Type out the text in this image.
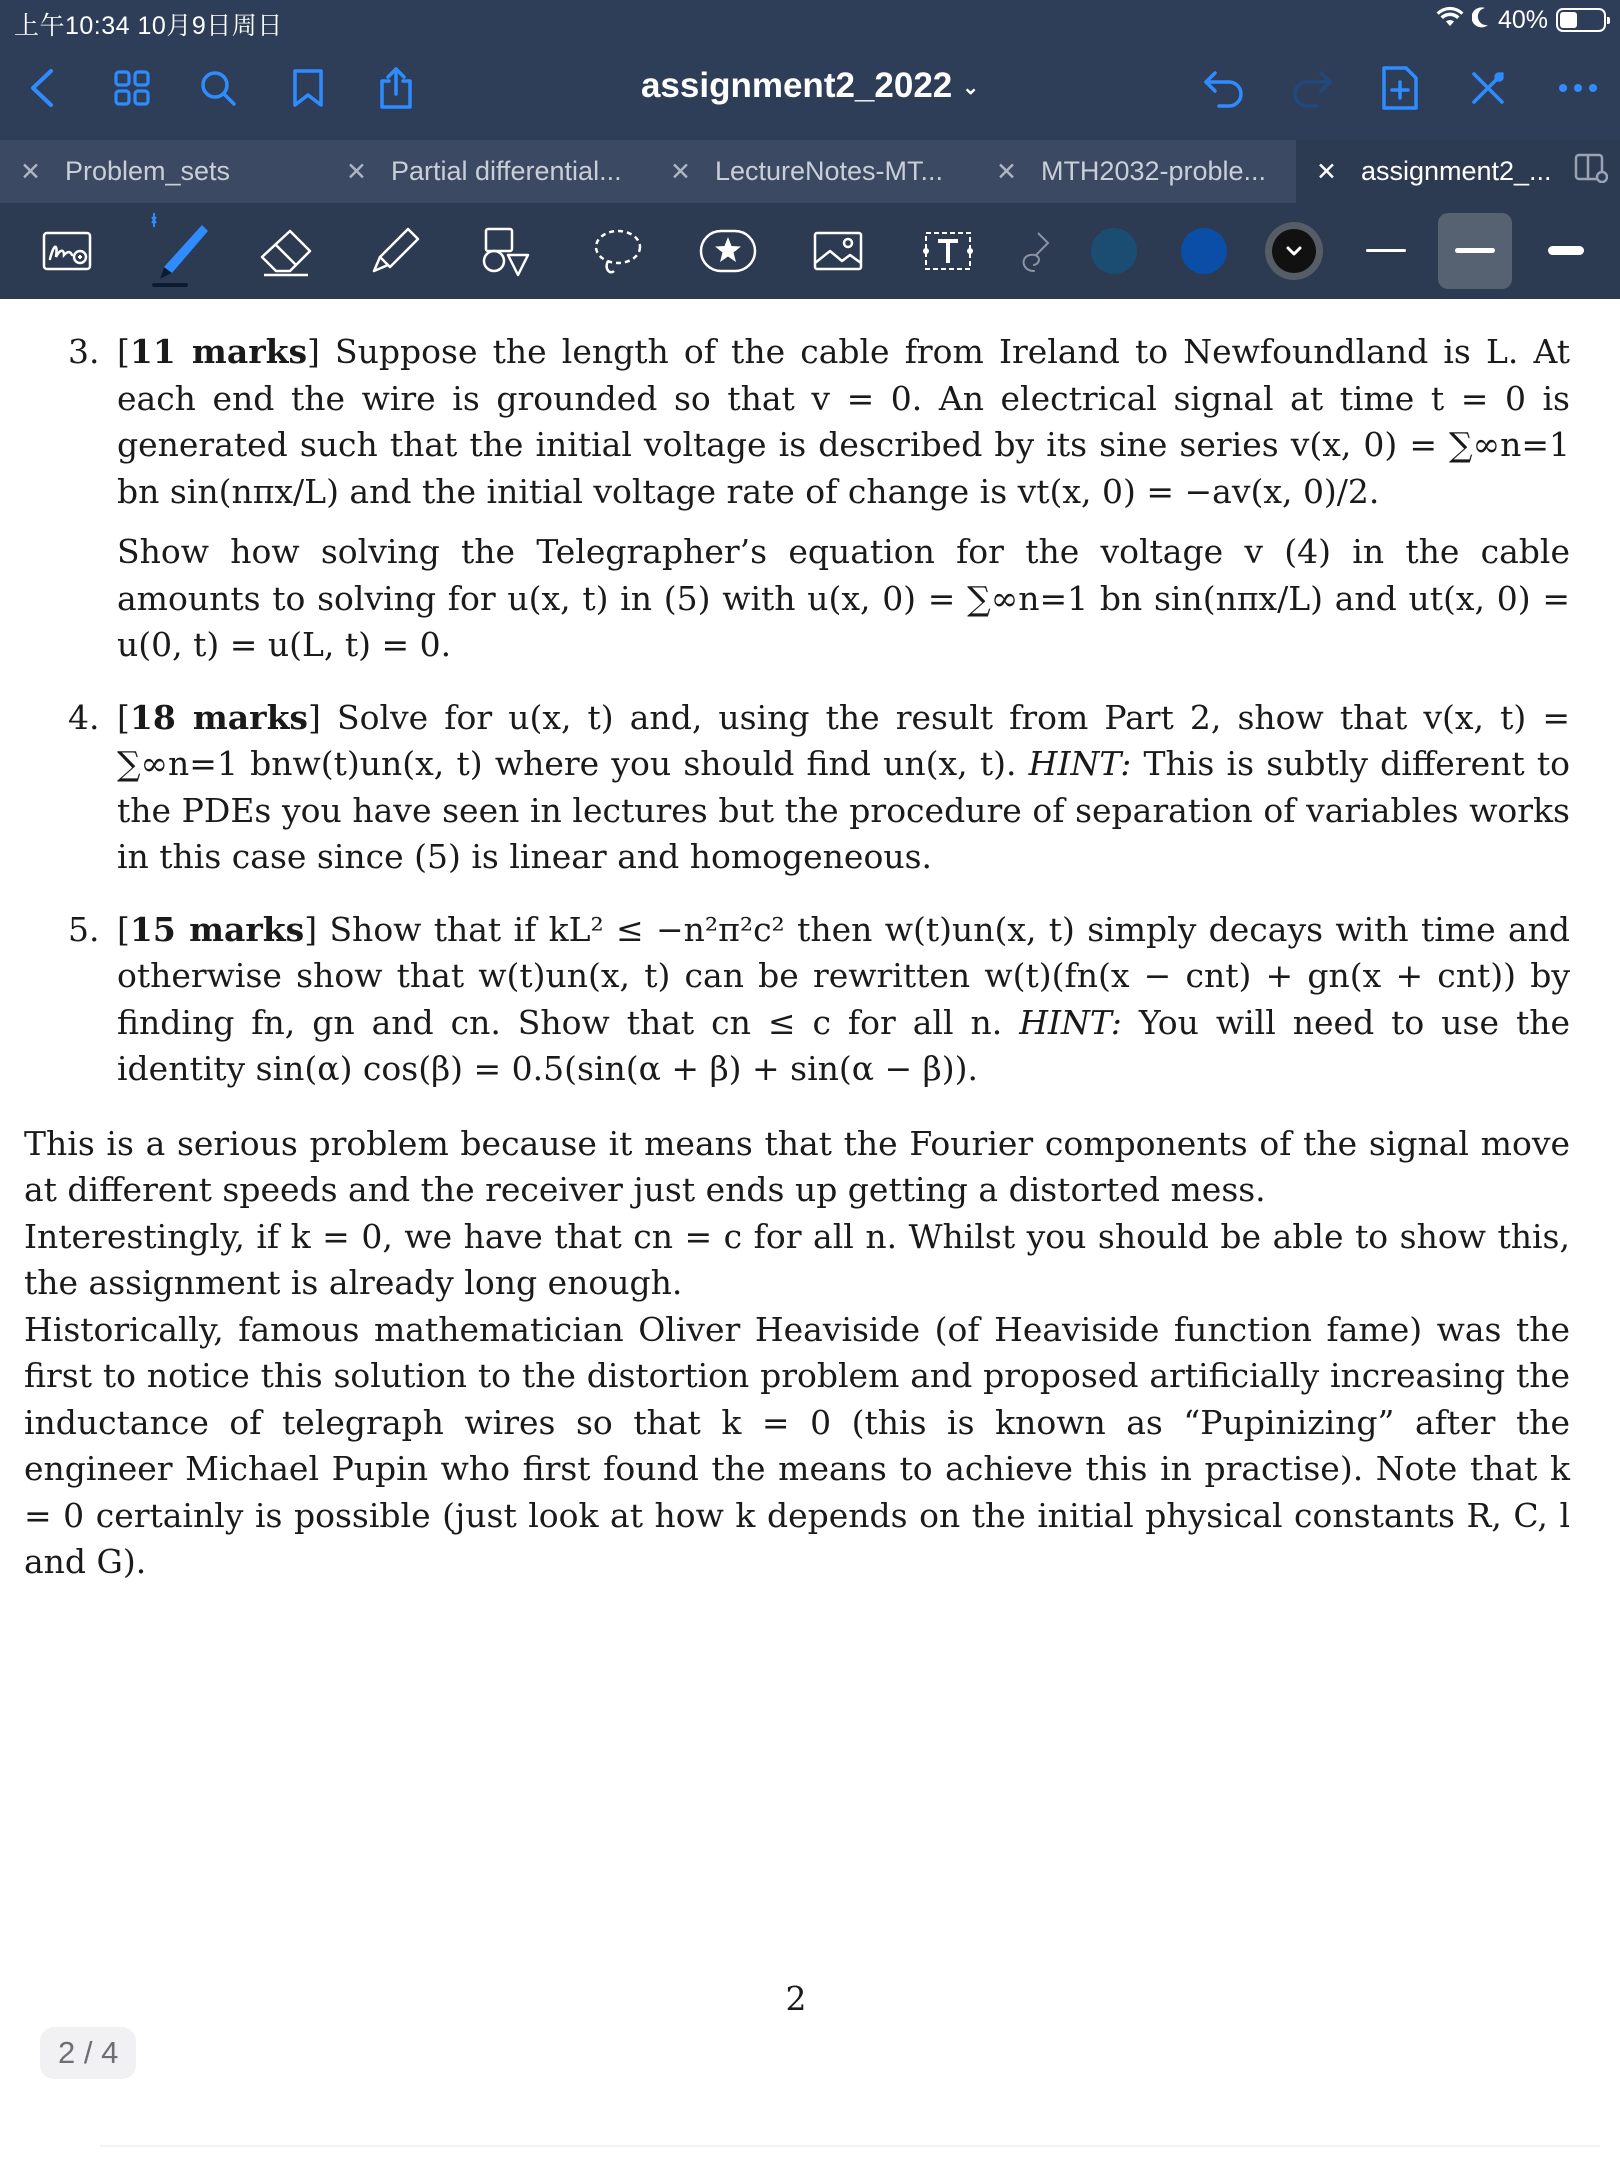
上午10:34 10月9日周日	40%
assignment2_2022 ⌄
✕ Problem_sets	✕ Partial differential... ✕ LectureNotes-MT... ✕ MTH2032-proble... ✕ assignment2_...
3. [11 marks] Suppose the length of the cable from Ireland to Newfoundland is L. At each end the wire is grounded so that v = 0. An electrical signal at time t = 0 is generated such that the initial voltage is described by its sine series v(x, 0) = ∑∞n=1 bn sin(nπx/L) and the initial voltage rate of change is vt(x, 0) = −av(x, 0)/2.

Show how solving the Telegrapher’s equation for the voltage v (4) in the cable amounts to solving for u(x, t) in (5) with u(x, 0) = ∑∞n=1 bn sin(nπx/L) and ut(x, 0) = u(0, t) = u(L, t) = 0.

4. [18 marks] Solve for u(x, t) and, using the result from Part 2, show that v(x, t) = ∑∞n=1 bnw(t)un(x, t) where you should find un(x, t). HINT: This is subtly different to the PDEs you have seen in lectures but the procedure of separation of variables works in this case since (5) is linear and homogeneous.

5. [15 marks] Show that if kL² ≤ −n²π²c² then w(t)un(x, t) simply decays with time and otherwise show that w(t)un(x, t) can be rewritten w(t)(fn(x − cnt) + gn(x + cnt)) by finding fn, gn and cn. Show that cn ≤ c for all n. HINT: You will need to use the identity sin(α) cos(β) = 0.5(sin(α + β) + sin(α − β)).

This is a serious problem because it means that the Fourier components of the signal move at different speeds and the receiver just ends up getting a distorted mess.

Interestingly, if k = 0, we have that cn = c for all n. Whilst you should be able to show this, the assignment is already long enough.

Historically, famous mathematician Oliver Heaviside (of Heaviside function fame) was the first to notice this solution to the distortion problem and proposed artificially increasing the inductance of telegraph wires so that k = 0 (this is known as “Pupinizing” after the engineer Michael Pupin who first found the means to achieve this in practise). Note that k = 0 certainly is possible (just look at how k depends on the initial physical constants R, C, l and G).

2
2 / 4
